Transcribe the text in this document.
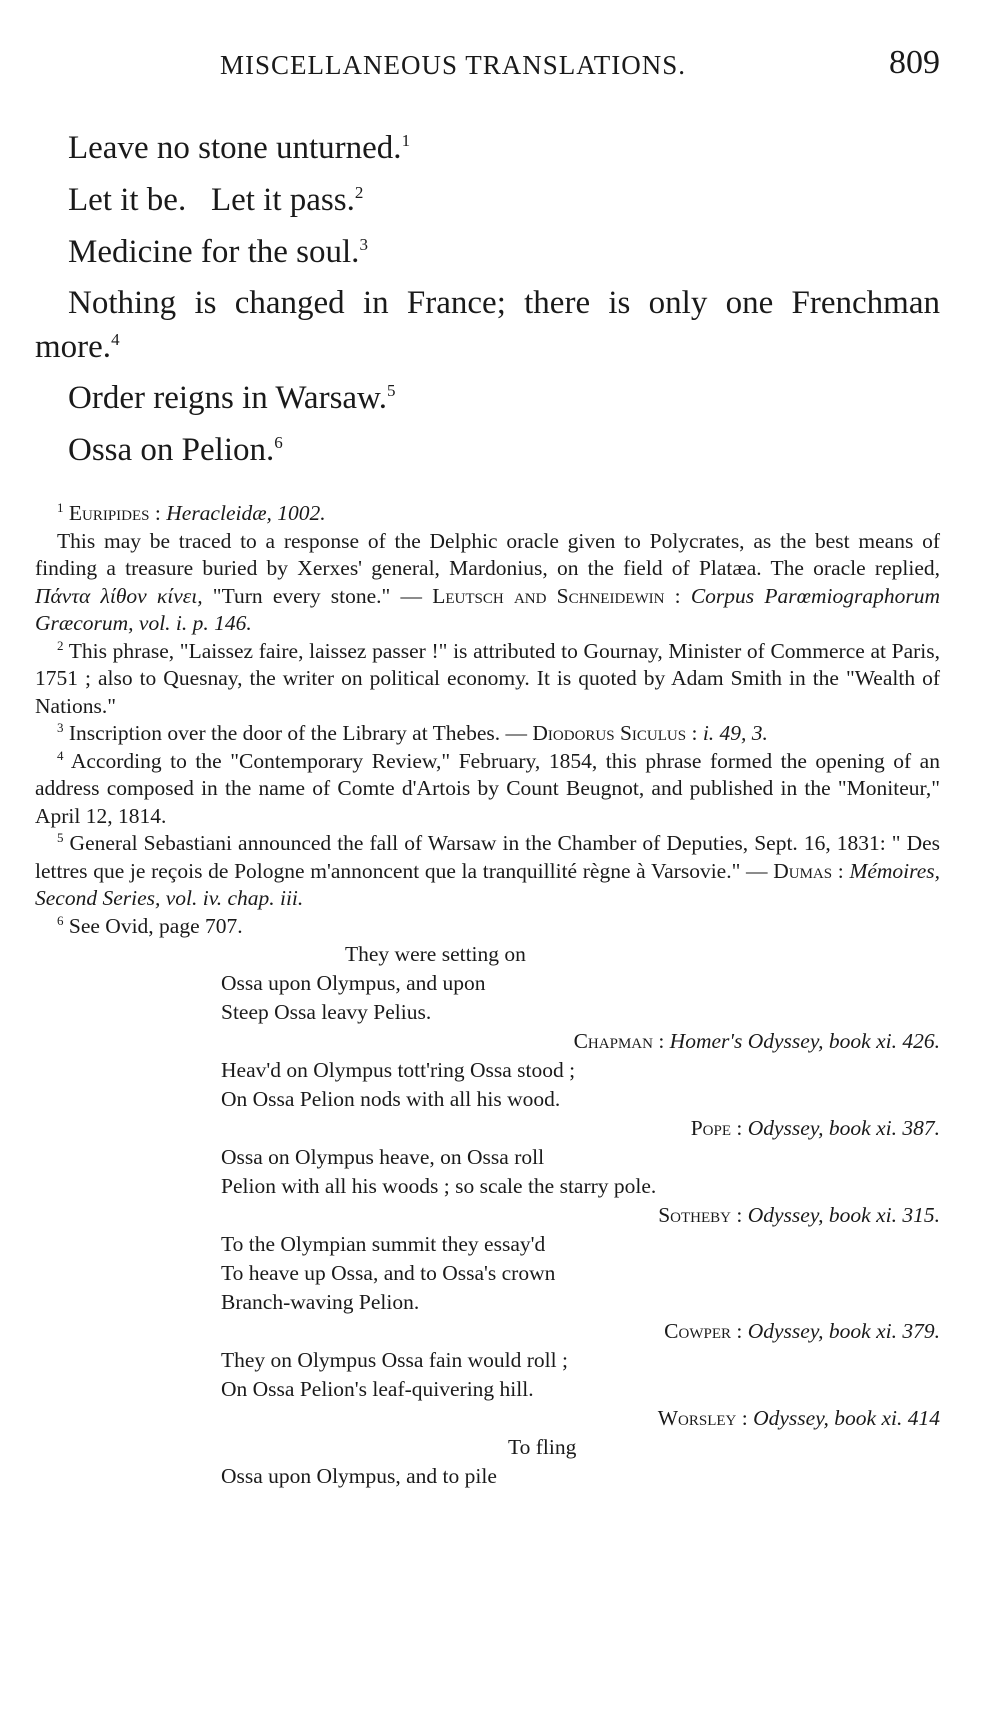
MISCELLANEOUS TRANSLATIONS.	809

Leave no stone unturned.$^1$

Let it be.   Let it pass.$^2$

Medicine for the soul.$^3$

Nothing is changed in France; there is only one Frenchman more.$^4$

Order reigns in Warsaw.$^5$

Ossa on Pelion.$^6$

$^1$ Euripides : Heracleidæ, 1002.

This may be traced to a response of the Delphic oracle given to Polycrates, as the best means of finding a treasure buried by Xerxes' general, Mardonius, on the field of Platæa. The oracle replied, Πάντα λίθον κίνει, "Turn every stone." — Leutsch and Schneidewin : Corpus Parœmiographorum Græcorum, vol. i. p. 146.

$^2$ This phrase, "Laissez faire, laissez passer !" is attributed to Gournay, Minister of Commerce at Paris, 1751 ; also to Quesnay, the writer on political economy. It is quoted by Adam Smith in the "Wealth of Nations."

$^3$ Inscription over the door of the Library at Thebes. — Diodorus Siculus : i. 49, 3.

$^4$ According to the "Contemporary Review," February, 1854, this phrase formed the opening of an address composed in the name of Comte d'Artois by Count Beugnot, and published in the "Moniteur," April 12, 1814.

$^5$ General Sebastiani announced the fall of Warsaw in the Chamber of Deputies, Sept. 16, 1831: " Des lettres que je reçois de Pologne m'annoncent que la tranquillité règne à Varsovie." — Dumas : Mémoires, Second Series, vol. iv. chap. iii.

$^6$ See Ovid, page 707.

They were setting on

Ossa upon Olympus, and upon

Steep Ossa leavy Pelius.

Chapman : Homer's Odyssey, book xi. 426.

Heav'd on Olympus tott'ring Ossa stood ;

On Ossa Pelion nods with all his wood.

Pope : Odyssey, book xi. 387.

Ossa on Olympus heave, on Ossa roll

Pelion with all his woods ; so scale the starry pole.

Sotheby : Odyssey, book xi. 315.

To the Olympian summit they essay'd

To heave up Ossa, and to Ossa's crown

Branch-waving Pelion.

Cowper : Odyssey, book xi. 379.

They on Olympus Ossa fain would roll ;

On Ossa Pelion's leaf-quivering hill.

Worsley : Odyssey, book xi. 414

To fling

Ossa upon Olympus, and to pile
